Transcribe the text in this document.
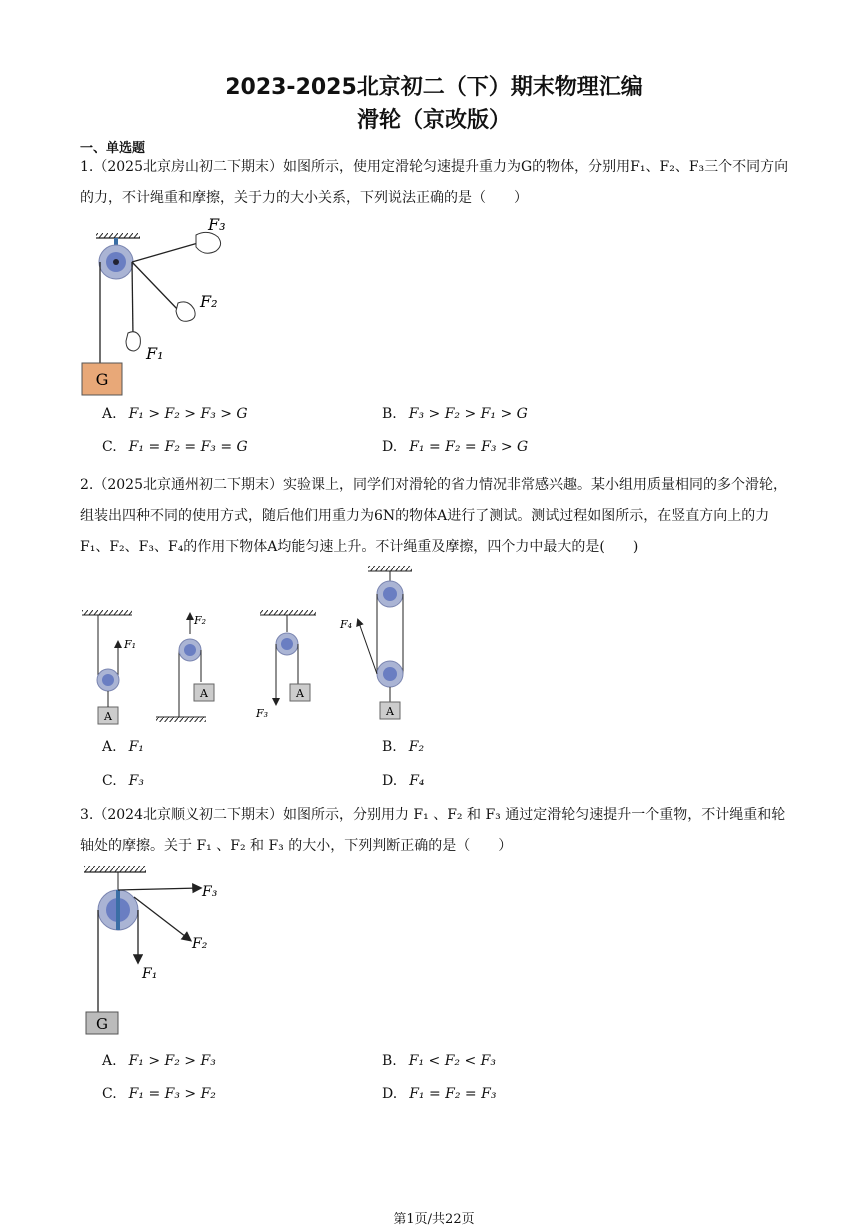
2023-2025北京初二（下）期末物理汇编
滑轮（京改版）
一、单选题
1.（2025北京房山初二下期末）如图所示，使用定滑轮匀速提升重力为G的物体，分别用F₁、F₂、F₃三个不同方向的力，不计绳重和摩擦，关于力的大小关系，下列说法正确的是（　　）
G
F₃
F₂
F₁
A. F₁ > F₂ > F₃ > G	B. F₃ > F₂ > F₁ > G
C. F₁ = F₂ = F₃ = G	D. F₁ = F₂ = F₃ > G
2.（2025北京通州初二下期末）实验课上，同学们对滑轮的省力情况非常感兴趣。某小组用质量相同的多个滑轮，组装出四种不同的使用方式，随后他们用重力为6N的物体A进行了测试。测试过程如图所示，在竖直方向上的力F₁、F₂、F₃、F₄的作用下物体A均能匀速上升。不计绳重及摩擦，四个力中最大的是(　　)
A
F₁
A
F₂
A
F₃	A
F₄
A. F₁	B. F₂
C. F₃	D. F₄
3.（2024北京顺义初二下期末）如图所示，分别用力 F₁ 、F₂ 和 F₃ 通过定滑轮匀速提升一个重物，不计绳重和轮轴处的摩擦。关于 F₁ 、F₂ 和 F₃ 的大小，下列判断正确的是（　　）
G
F₃
F₂
F₁
A. F₁ > F₂ > F₃	B. F₁ < F₂ < F₃
C. F₁ = F₃ > F₂	D. F₁ = F₂ = F₃
第1页/共22页
